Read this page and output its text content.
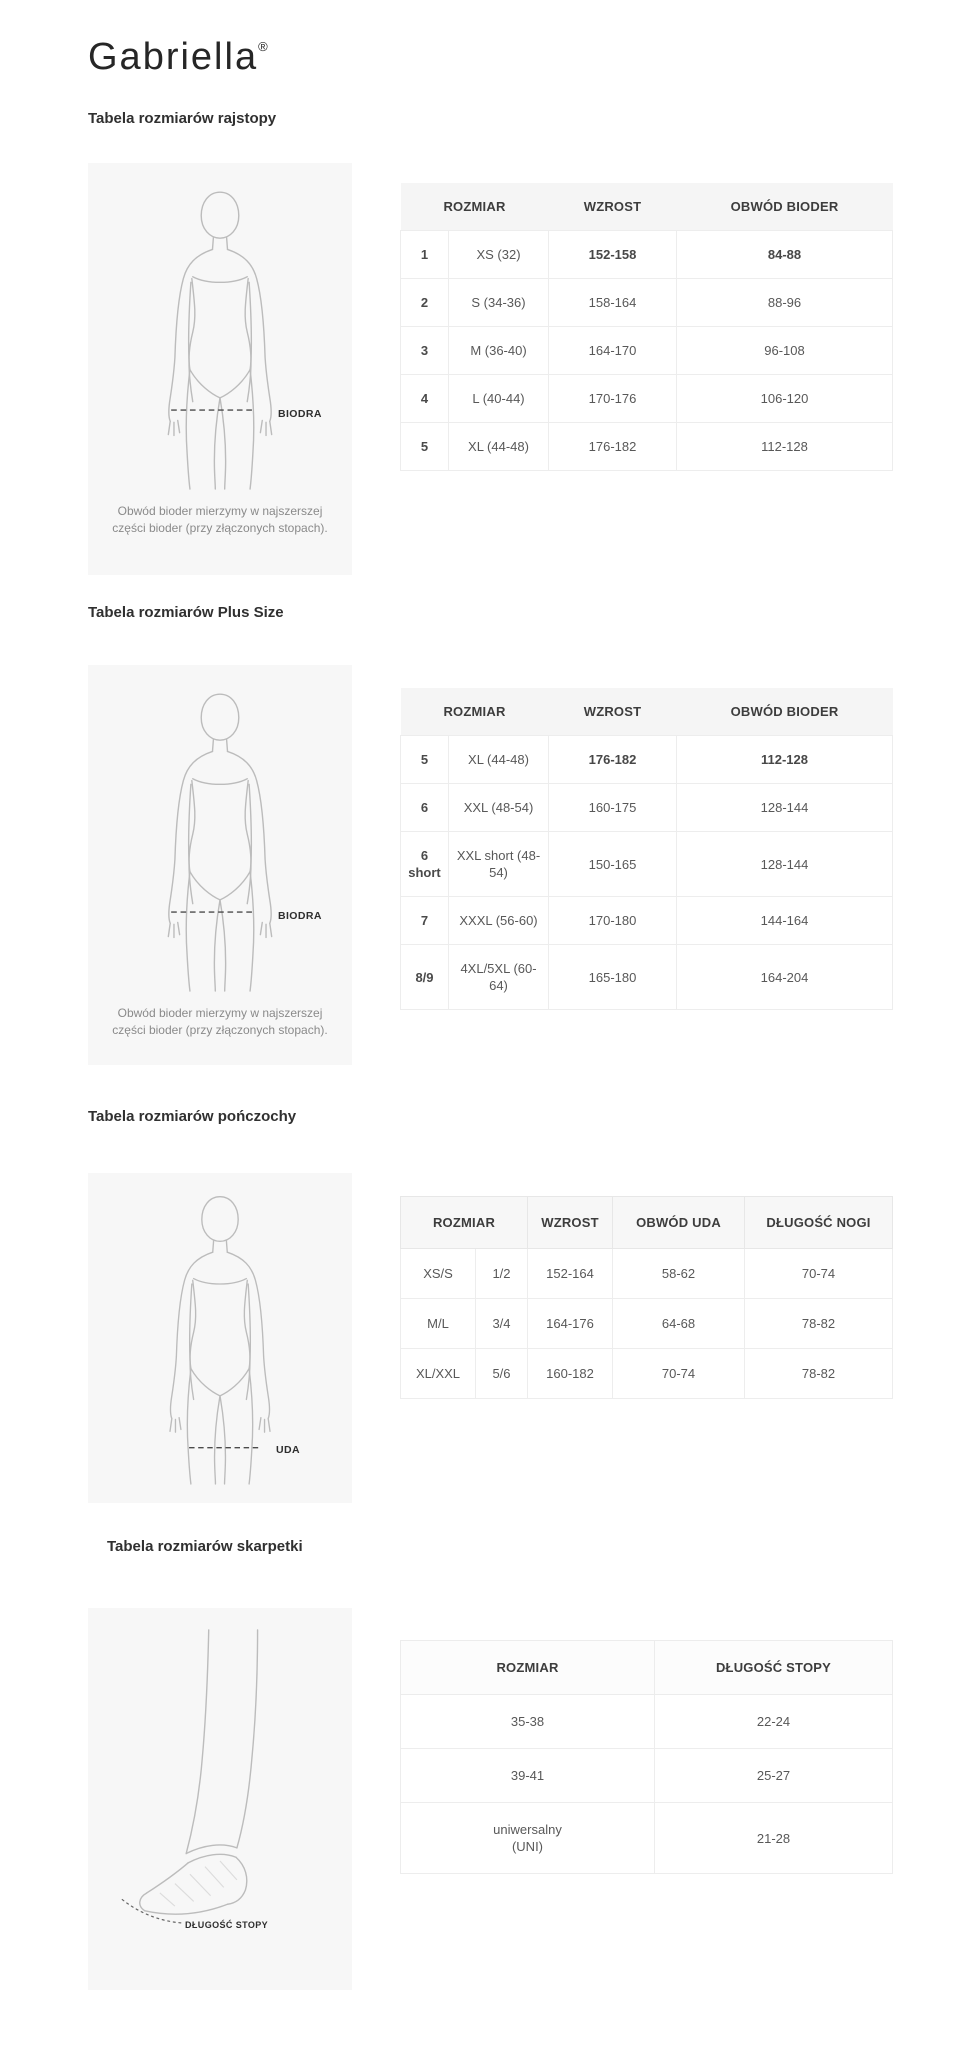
Gabriella®
Tabela rozmiarów rajstopy
Tabela rozmiarów Plus Size
Tabela rozmiarów pończochy
Tabela rozmiarów skarpetki
BIODRA
Obwód bioder mierzymy w najszerszej
części bioder (przy złączonych stopach).
ROZMIAR		WZROST	OBWÓD BIODER
1	XS (32)	152-158	84-88
2	S (34-36)	158-164	88-96
3	M (36-40)	164-170	96-108
4	L (40-44)	170-176	106-120
5	XL (44-48)	176-182	112-128
BIODRA
Obwód bioder mierzymy w najszerszej
części bioder (przy złączonych stopach).
ROZMIAR		WZROST	OBWÓD BIODER
5	XL (44-48)	176-182	112-128
6	XXL (48-54)	160-175	128-144
6 short	XXL short (48-54)	150-165	128-144
7	XXXL (56-60)	170-180	144-164
8/9	4XL/5XL (60-64)	165-180	164-204
UDA
ROZMIAR		WZROST	OBWÓD UDA	DŁUGOŚĆ NOGI
XS/S	1/2	152-164	58-62	70-74
M/L	3/4	164-176	64-68	78-82
XL/XXL	5/6	160-182	70-74	78-82
DŁUGOŚĆ STOPY
ROZMIAR	DŁUGOŚĆ STOPY

35-38	22-24

39-41	25-27

uniwersalny
(UNI)	21-28
